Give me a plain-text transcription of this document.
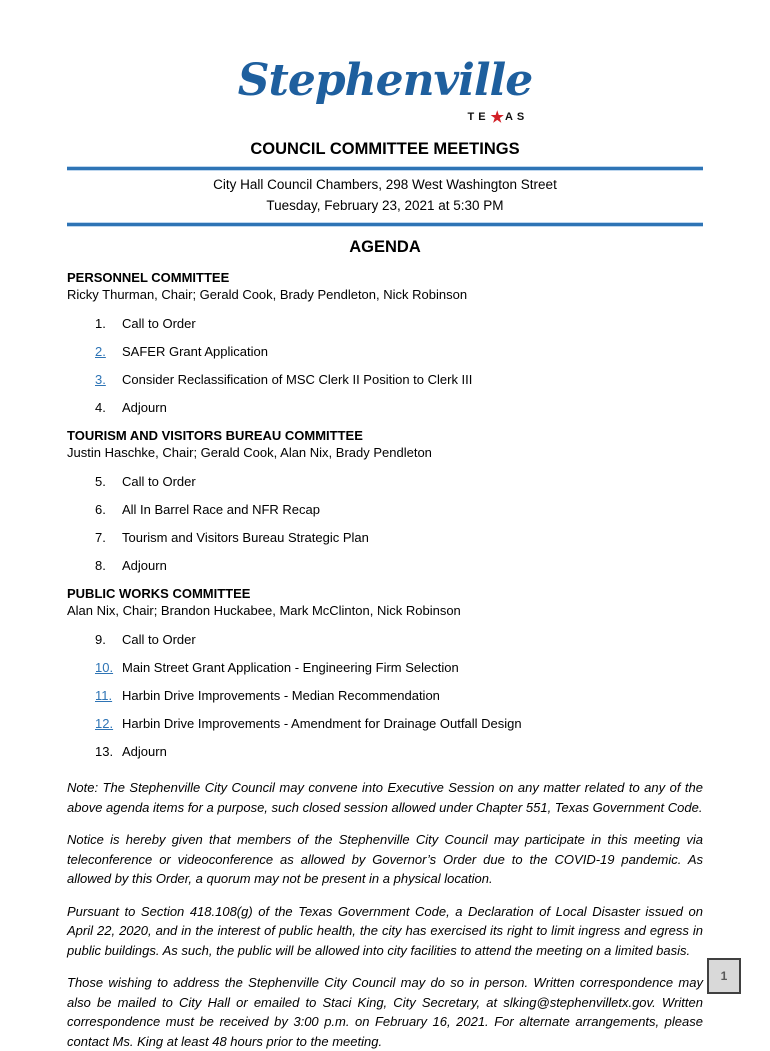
Stephenville
TE★AS
COUNCIL COMMITTEE MEETINGS
City Hall Council Chambers, 298 West Washington Street
Tuesday, February 23, 2021 at 5:30 PM
AGENDA
PERSONNEL COMMITTEE
Ricky Thurman, Chair; Gerald Cook, Brady Pendleton, Nick Robinson
1.	Call to Order
2.	SAFER Grant Application
3.	Consider Reclassification of MSC Clerk II Position to Clerk III
4.	Adjourn
TOURISM AND VISITORS BUREAU COMMITTEE
Justin Haschke, Chair; Gerald Cook, Alan Nix, Brady Pendleton
5.	Call to Order
6.	All In Barrel Race and NFR Recap
7.	Tourism and Visitors Bureau Strategic Plan
8.	Adjourn
PUBLIC WORKS COMMITTEE
Alan Nix, Chair; Brandon Huckabee, Mark McClinton, Nick Robinson
9.	Call to Order
10. Main Street Grant Application - Engineering Firm Selection
11. Harbin Drive Improvements - Median Recommendation
12. Harbin Drive Improvements - Amendment for Drainage Outfall Design
13. Adjourn

Note: The Stephenville City Council may convene into Executive Session on any matter related to any of the above agenda items for a purpose, such closed session allowed under Chapter 551, Texas Government Code.

Notice is hereby given that members of the Stephenville City Council may participate in this meeting via teleconference or videoconference as allowed by Governor’s Order due to the COVID-19 pandemic. As allowed by this Order, a quorum may not be present in a physical location.

Pursuant to Section 418.108(g) of the Texas Government Code, a Declaration of Local Disaster issued on April 22, 2020, and in the interest of public health, the city has exercised its right to limit ingress and egress in public buildings. As such, the public will be allowed into city facilities to attend the meeting on a limited basis.

Those wishing to address the Stephenville City Council may do so in person. Written correspondence may also be mailed to City Hall or emailed to Staci King, City Secretary, at slking@stephenvilletx.gov. Written correspondence must be received by 3:00 p.m. on February 16, 2021. For alternate arrangements, please contact Ms. King at least 48 hours prior to the meeting.

1
